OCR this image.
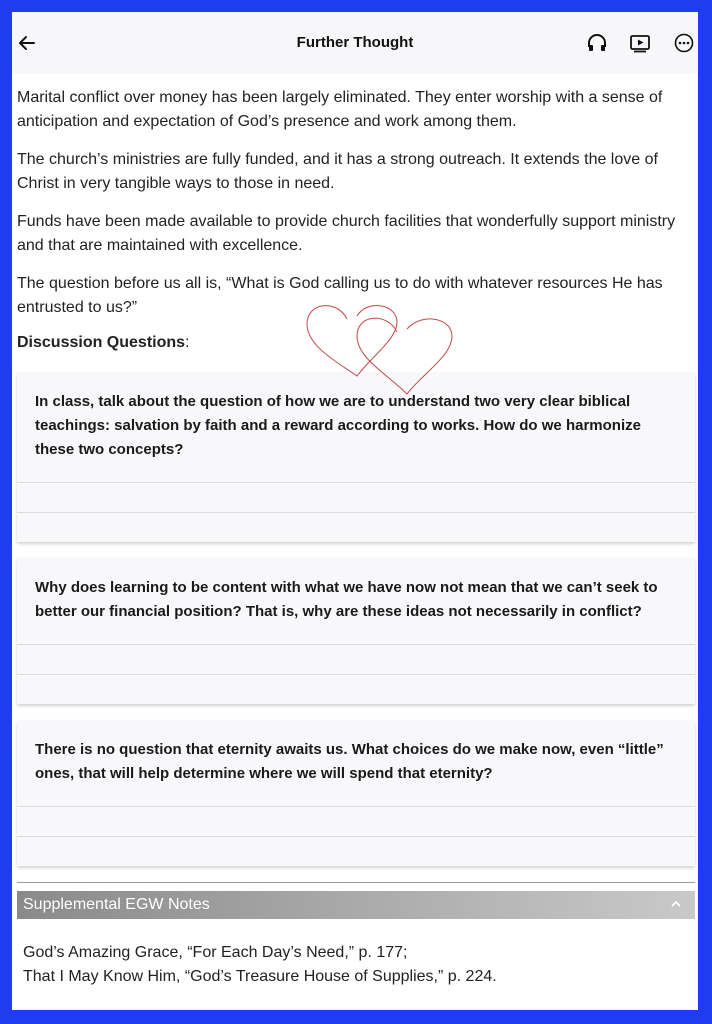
Further Thought

Marital conflict over money has been largely eliminated. They enter worship with a sense of anticipation and expectation of God’s presence and work among them.

The church’s ministries are fully funded, and it has a strong outreach. It extends the love of Christ in very tangible ways to those in need.

Funds have been made available to provide church facilities that wonderfully support ministry and that are maintained with excellence.

The question before us all is, “What is God calling us to do with whatever resources He has entrusted to us?”

Discussion Questions:
In class, talk about the question of how we are to understand two very clear biblical teachings: salvation by faith and a reward according to works. How do we harmonize these two concepts?
Why does learning to be content with what we have now not mean that we can’t seek to better our financial position? That is, why are these ideas not necessarily in conflict?
There is no question that eternity awaits us. What choices do we make now, even “little” ones, that will help determine where we will spend that eternity?
Supplemental EGW Notes
God’s Amazing Grace, “For Each Day’s Need,” p. 177;
That I May Know Him, “God’s Treasure House of Supplies,” p. 224.
